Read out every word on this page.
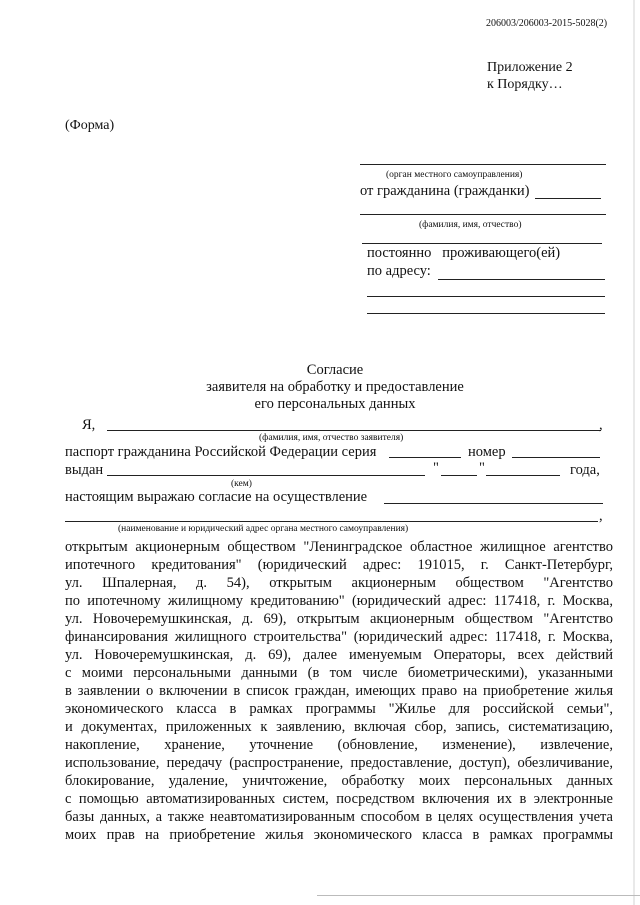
206003/206003-2015-5028(2)
Приложение 2
к Порядку…
(Форма)
(орган местного самоуправления)
от гражданина (гражданки)
(фамилия, имя, отчество)
постоянно   проживающего(ей)
по адресу:
Согласие
заявителя на обработку и предоставление
его персональных данных
Я,	,
(фамилия, имя, отчество заявителя)
паспорт гражданина Российской Федерации серия	номер
выдан	"	"	года,
(кем)
настоящим выражаю согласие на осуществление
,
(наименование и юридический адрес органа местного самоуправления)
открытым акционерным обществом "Ленинградское областное жилищное агентство
ипотечного кредитования" (юридический адрес: 191015, г. Санкт-Петербург,
ул. Шпалерная, д. 54), открытым акционерным обществом "Агентство
по ипотечному жилищному кредитованию" (юридический адрес: 117418, г. Москва,
ул. Новочеремушкинская, д. 69), открытым акционерным обществом "Агентство
финансирования жилищного строительства" (юридический адрес: 117418, г. Москва,
ул. Новочеремушкинская, д. 69), далее именуемым Операторы, всех действий
с моими персональными данными (в том числе биометрическими), указанными
в заявлении о включении в список граждан, имеющих право на приобретение жилья
экономического класса в рамках программы "Жилье для российской семьи",
и документах, приложенных к заявлению, включая сбор, запись, систематизацию,
накопление, хранение, уточнение (обновление, изменение), извлечение,
использование, передачу (распространение, предоставление, доступ), обезличивание,
блокирование, удаление, уничтожение, обработку моих персональных данных
с помощью автоматизированных систем, посредством включения их в электронные
базы данных, а также неавтоматизированным способом в целях осуществления учета
моих прав на приобретение жилья экономического класса в рамках программы
